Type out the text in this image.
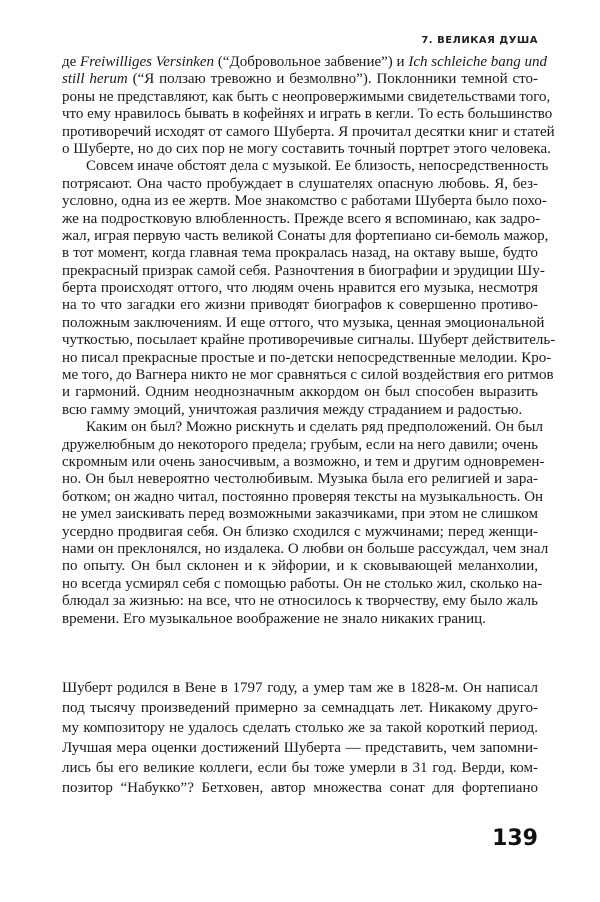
7. ВЕЛИКАЯ ДУША
де Freiwilliges Versinken (“Добровольное забвение”) и Ich schleiche bang und
still herum (“Я ползаю тревожно и безмолвно”). Поклонники темной сто-
роны не представляют, как быть с неопровержимыми свидетельствами того,
что ему нравилось бывать в кофейнях и играть в кегли. То есть большинство
противоречий исходят от самого Шуберта. Я прочитал десятки книг и статей
о Шуберте, но до сих пор не могу составить точный портрет этого человека.
Совсем иначе обстоят дела с музыкой. Ее близость, непосредственность
потрясают. Она часто пробуждает в слушателях опасную любовь. Я, без-
условно, одна из ее жертв. Мое знакомство с работами Шуберта было похо-
же на подростковую влюбленность. Прежде всего я вспоминаю, как задро-
жал, играя первую часть великой Сонаты для фортепиано си-бемоль мажор,
в тот момент, когда главная тема прокралась назад, на октаву выше, будто
прекрасный призрак самой себя. Разночтения в биографии и эрудиции Шу-
берта происходят оттого, что людям очень нравится его музыка, несмотря
на то что загадки его жизни приводят биографов к совершенно противо-
положным заключениям. И еще оттого, что музыка, ценная эмоциональной
чуткостью, посылает крайне противоречивые сигналы. Шуберт действитель-
но писал прекрасные простые и по-детски непосредственные мелодии. Кро-
ме того, до Вагнера никто не мог сравняться с силой воздействия его ритмов
и гармоний. Одним неоднозначным аккордом он был способен выразить
всю гамму эмоций, уничтожая различия между страданием и радостью.
Каким он был? Можно рискнуть и сделать ряд предположений. Он был
дружелюбным до некоторого предела; грубым, если на него давили; очень
скромным или очень заносчивым, а возможно, и тем и другим одновремен-
но. Он был невероятно честолюбивым. Музыка была его религией и зара-
ботком; он жадно читал, постоянно проверяя тексты на музыкальность. Он
не умел заискивать перед возможными заказчиками, при этом не слишком
усердно продвигая себя. Он близко сходился с мужчинами; перед женщи-
нами он преклонялся, но издалека. О любви он больше рассуждал, чем знал
по опыту. Он был склонен и к эйфории, и к сковывающей меланхолии,
но всегда усмирял себя с помощью работы. Он не столько жил, сколько на-
блюдал за жизнью: на все, что не относилось к творчеству, ему было жаль
времени. Его музыкальное воображение не знало никаких границ.
Шуберт родился в Вене в 1797 году, а умер там же в 1828-м. Он написал
под тысячу произведений примерно за семнадцать лет. Никакому друго-
му композитору не удалось сделать столько же за такой короткий период.
Лучшая мера оценки достижений Шуберта — представить, чем запомни-
лись бы его великие коллеги, если бы тоже умерли в 31 год. Верди, ком-
позитор “Набукко”? Бетховен, автор множества сонат для фортепиано
139
